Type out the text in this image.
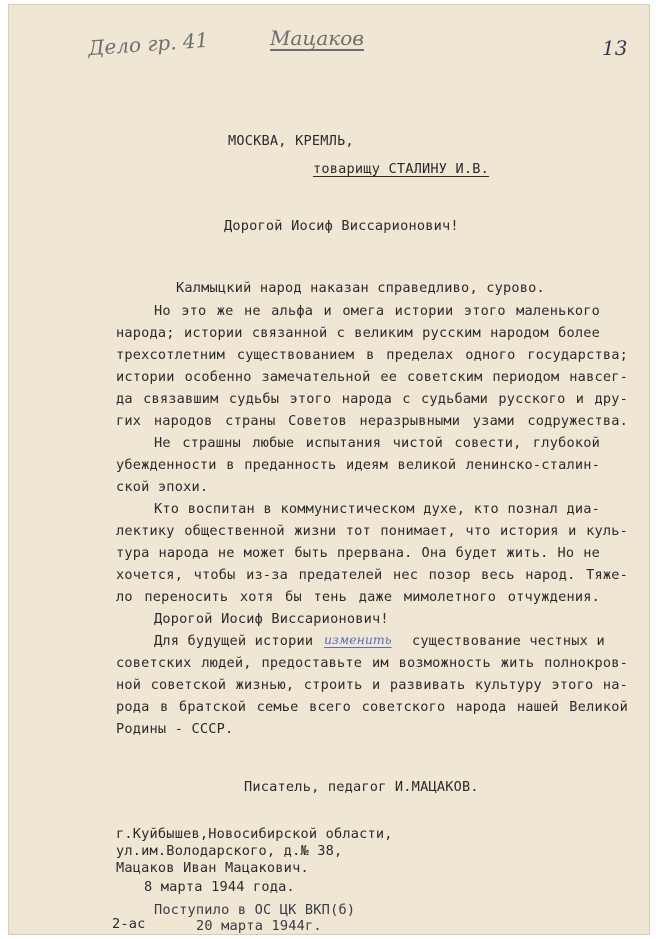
Дело гр. 41	Мацаков	13
МОСКВА, КРЕМЛЬ,
товарищу СТАЛИНУ И.В.
Дорогой Иосиф Виссарионович!
Калмыцкий народ наказан справедливо, сурово.
Но это же не альфа и омега истории этого маленького
народа; истории связанной с великим русским народом более
трехсотлетним существованием в пределах одного государства;
истории особенно замечательной ее советским периодом навсег-
да связавшим судьбы этого народа с судьбами русского и дру-
гих народов страны Советов неразрывными узами содружества.
Не страшны любые испытания чистой совести, глубокой
убежденности в преданность идеям великой ленинско-сталин-
ской эпохи.
Кто воспитан в коммунистическом духе, кто познал диа-
лектику общественной жизни тот понимает, что история и куль-
тура народа не может быть прервана. Она будет жить. Но не
хочется, чтобы из-за предателей нес позор весь народ. Тяже-
ло переносить хотя бы тень даже мимолетного отчуждения.
Дорогой Иосиф Виссарионович!
Для будущей истории изменить существование честных и
советских людей, предоставьте им возможность жить полнокров-
ной советской жизнью, строить и развивать культуру этого на-
рода в братской семье всего советского народа нашей Великой
Родины - СССР.
Писатель, педагог И.МАЦАКОВ.
г.Куйбышев,Новосибирской области,
ул.им.Володарского, д.№ 38,
Мацаков Иван Мацакович.
8 марта 1944 года.
Поступило в ОС ЦК ВКП(б)
20 марта 1944г.
2-ас
